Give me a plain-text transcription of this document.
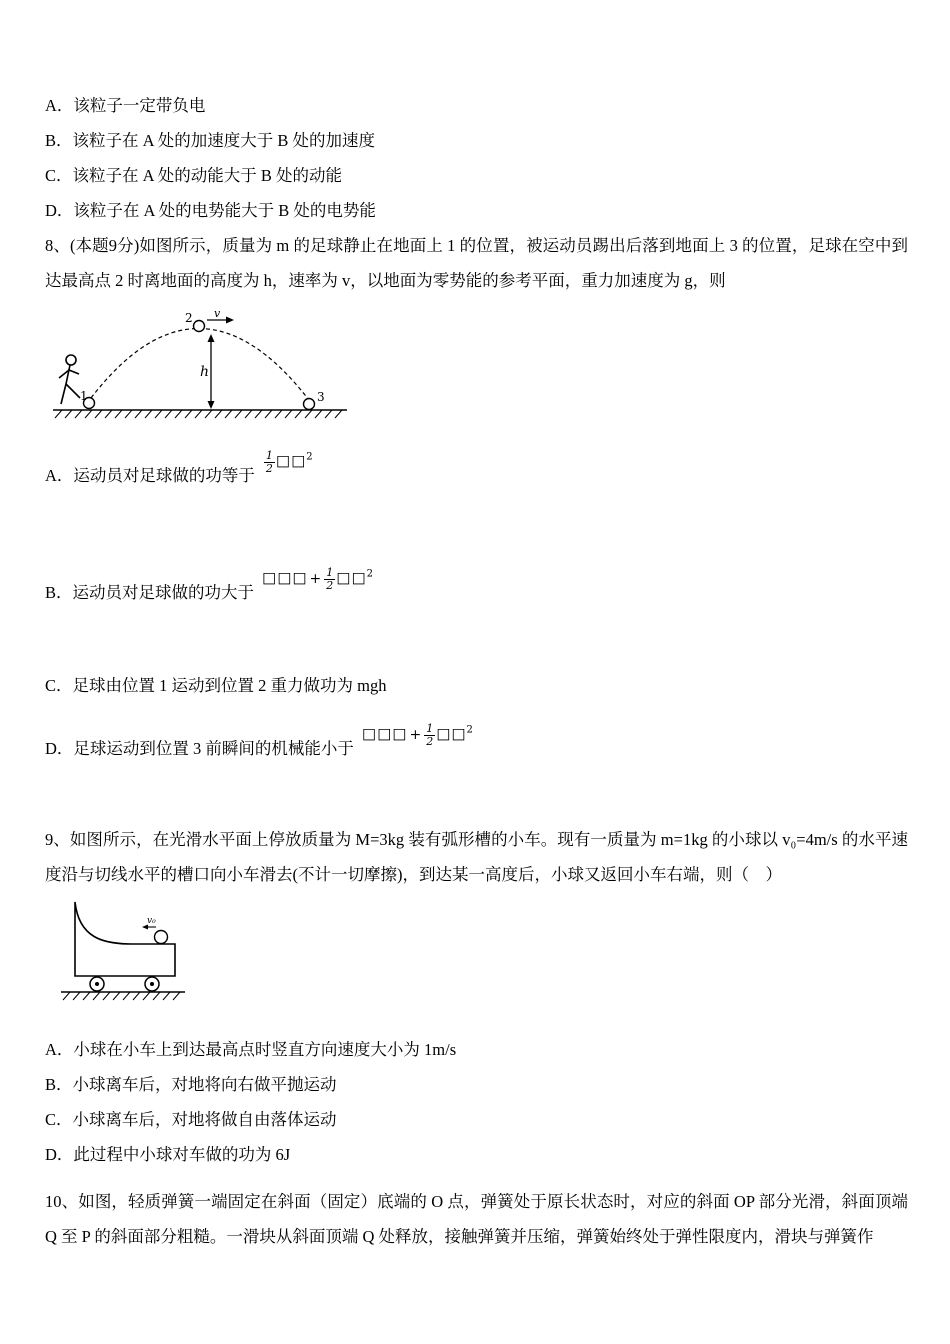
A．该粒子一定带负电
B．该粒子在 A 处的加速度大于 B 处的加速度
C．该粒子在 A 处的动能大于 B 处的动能
D．该粒子在 A 处的电势能大于 B 处的电势能

8、(本题9分)如图所示，质量为 m 的足球静止在地面上 1 的位置，被运动员踢出后落到地面上 3 的位置，足球在空中到达最高点 2 时离地面的高度为 h，速率为 v，以地面为零势能的参考平面，重力加速度为 g，则

1
2 v
h
3
A．运动员对足球做的功等于
$\frac{1}{2}$ □□$^2$
B．运动员对足球做的功大于□□□ + $\frac{1}{2}$ □□$^2$
C．足球由位置 1 运动到位置 2 重力做功为 mgh
D．足球运动到位置 3 前瞬间的机械能小于□□□ + $\frac{1}{2}$ □□$^2$

9、如图所示，在光滑水平面上停放质量为 M=3kg 装有弧形槽的小车。现有一质量为 m=1kg 的小球以 v₀=4m/s 的水平速度沿与切线水平的槽口向小车滑去(不计一切摩擦)，到达某一高度后，小球又返回小车右端，则（　）

v₀
A．小球在小车上到达最高点时竖直方向速度大小为 1m/s
B．小球离车后，对地将向右做平抛运动
C．小球离车后，对地将做自由落体运动
D．此过程中小球对车做的功为 6J

10、如图，轻质弹簧一端固定在斜面（固定）底端的 O 点，弹簧处于原长状态时，对应的斜面 OP 部分光滑，斜面顶端 Q 至 P 的斜面部分粗糙。一滑块从斜面顶端 Q 处释放，接触弹簧并压缩，弹簧始终处于弹性限度内，滑块与弹簧作
